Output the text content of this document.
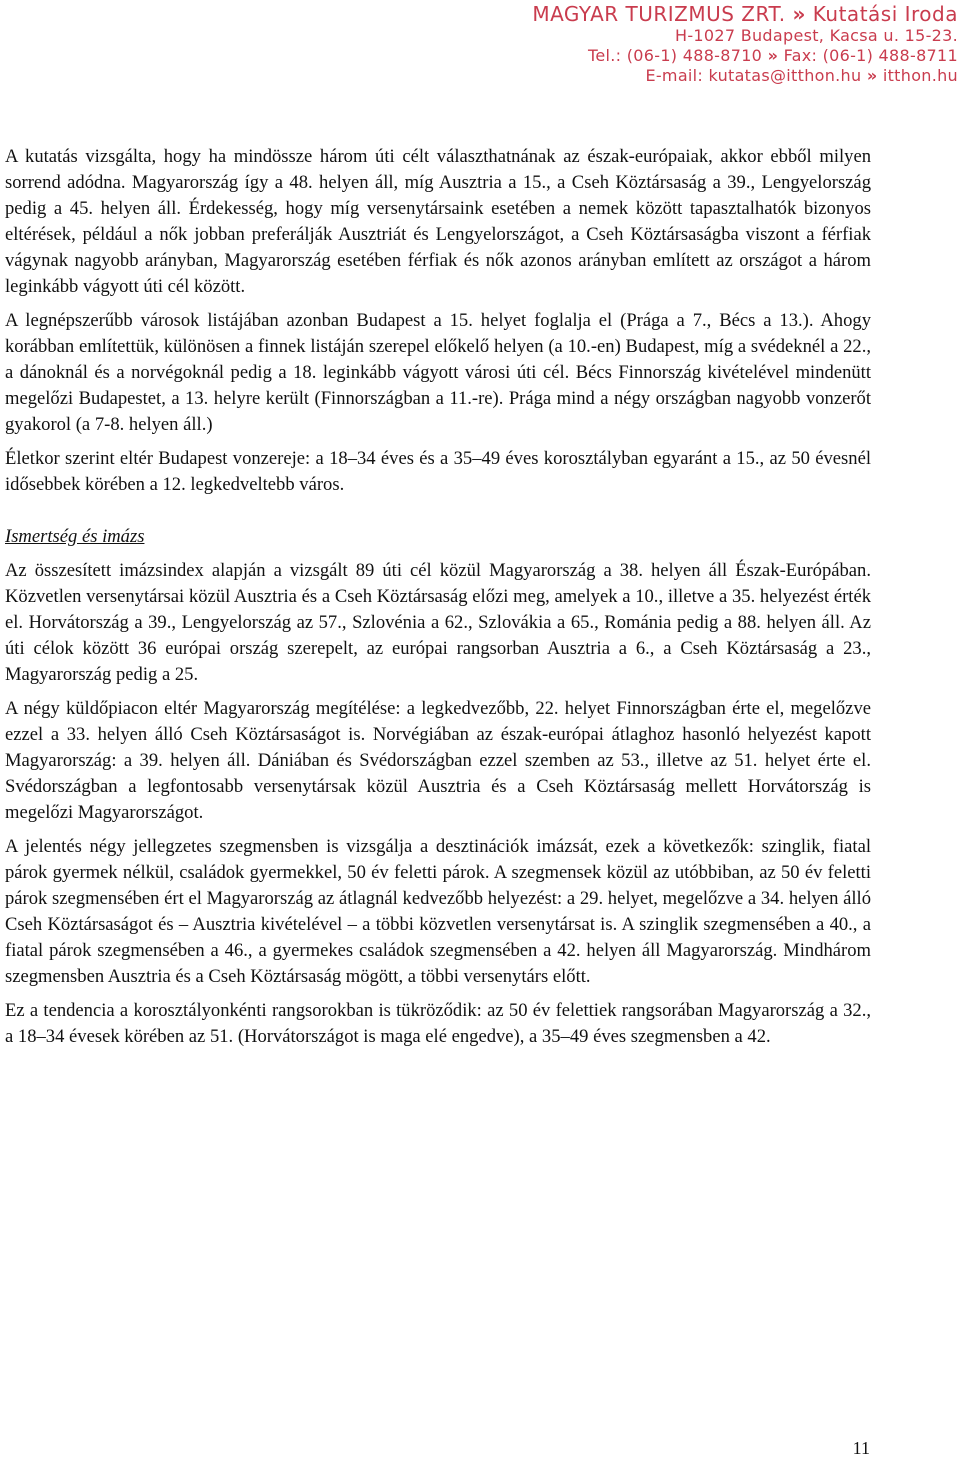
MAGYAR TURIZMUS ZRT. » Kutatási Iroda
H-1027 Budapest, Kacsa u. 15-23.
Tel.: (06-1) 488-8710 » Fax: (06-1) 488-8711
E-mail: kutatas@itthon.hu » itthon.hu

A kutatás vizsgálta, hogy ha mindössze három úti célt választhatnának az észak-európaiak, akkor ebből milyen sorrend adódna. Magyarország így a 48. helyen áll, míg Ausztria a 15., a Cseh Köztársaság a 39., Lengyelország pedig a 45. helyen áll. Érdekesség, hogy míg versenytársaink esetében a nemek között tapasztalhatók bizonyos eltérések, például a nők jobban preferálják Ausztriát és Lengyelországot, a Cseh Köztársaságba viszont a férfiak vágynak nagyobb arányban, Magyarország esetében férfiak és nők azonos arányban említett az országot a három leginkább vágyott úti cél között.

A legnépszerűbb városok listájában azonban Budapest a 15. helyet foglalja el (Prága a 7., Bécs a 13.). Ahogy korábban említettük, különösen a finnek listáján szerepel előkelő helyen (a 10.-en) Budapest, míg a svédeknél a 22., a dánoknál és a norvégoknál pedig a 18. leginkább vágyott városi úti cél. Bécs Finnország kivételével mindenütt megelőzi Budapestet, a 13. helyre került (Finnországban a 11.-re). Prága mind a négy országban nagyobb vonzerőt gyakorol (a 7-8. helyen áll.)

Életkor szerint eltér Budapest vonzereje: a 18–34 éves és a 35–49 éves korosztályban egyaránt a 15., az 50 évesnél idősebbek körében a 12. legkedveltebb város.

Ismertség és imázs

Az összesített imázsindex alapján a vizsgált 89 úti cél közül Magyarország a 38. helyen áll Észak-Európában. Közvetlen versenytársai közül Ausztria és a Cseh Köztársaság előzi meg, amelyek a 10., illetve a 35. helyezést érték el. Horvátország a 39., Lengyelország az 57., Szlovénia a 62., Szlovákia a 65., Románia pedig a 88. helyen áll. Az úti célok között 36 európai ország szerepelt, az európai rangsorban Ausztria a 6., a Cseh Köztársaság a 23., Magyarország pedig a 25.

A négy küldőpiacon eltér Magyarország megítélése: a legkedvezőbb, 22. helyet Finnországban érte el, megelőzve ezzel a 33. helyen álló Cseh Köztársaságot is. Norvégiában az észak-európai átlaghoz hasonló helyezést kapott Magyarország: a 39. helyen áll. Dániában és Svédországban ezzel szemben az 53., illetve az 51. helyet érte el. Svédországban a legfontosabb versenytársak közül Ausztria és a Cseh Köztársaság mellett Horvátország is megelőzi Magyarországot.

A jelentés négy jellegzetes szegmensben is vizsgálja a desztinációk imázsát, ezek a következők: szinglik, fiatal párok gyermek nélkül, családok gyermekkel, 50 év feletti párok. A szegmensek közül az utóbbiban, az 50 év feletti párok szegmensében ért el Magyarország az átlagnál kedvezőbb helyezést: a 29. helyet, megelőzve a 34. helyen álló Cseh Köztársaságot és – Ausztria kivételével – a többi közvetlen versenytársat is. A szinglik szegmensében a 40., a fiatal párok szegmensében a 46., a gyermekes családok szegmensében a 42. helyen áll Magyarország. Mindhárom szegmensben Ausztria és a Cseh Köztársaság mögött, a többi versenytárs előtt.

Ez a tendencia a korosztályonkénti rangsorokban is tükröződik: az 50 év felettiek rangsorában Magyarország a 32., a 18–34 évesek körében az 51. (Horvátországot is maga elé engedve), a 35–49 éves szegmensben a 42.

11
